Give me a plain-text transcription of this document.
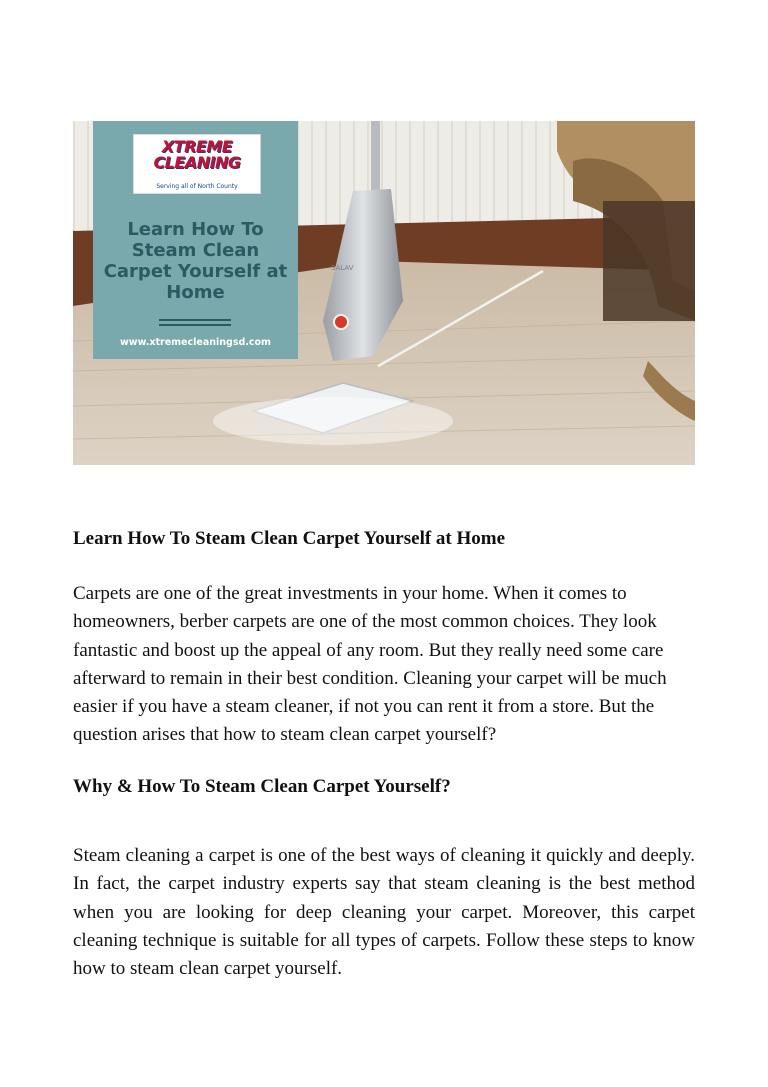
XTREME
CLEANING
Serving all of North County
Learn How To Steam Clean Carpet Yourself at Home
www.xtremecleaningsd.com
SALAV
Learn How To Steam Clean Carpet Yourself at Home

Carpets are one of the great investments in your home. When it comes to homeowners, berber carpets are one of the most common choices. They look fantastic and boost up the appeal of any room. But they really need some care afterward to remain in their best condition. Cleaning your carpet will be much easier if you have a steam cleaner, if not you can rent it from a store. But the question arises that how to steam clean carpet yourself?

Why & How To Steam Clean Carpet Yourself?

Steam cleaning a carpet is one of the best ways of cleaning it quickly and deeply. In fact, the carpet industry experts say that steam cleaning is the best method when you are looking for deep cleaning your carpet. Moreover, this carpet cleaning technique is suitable for all types of carpets. Follow these steps to know how to steam clean carpet yourself.
